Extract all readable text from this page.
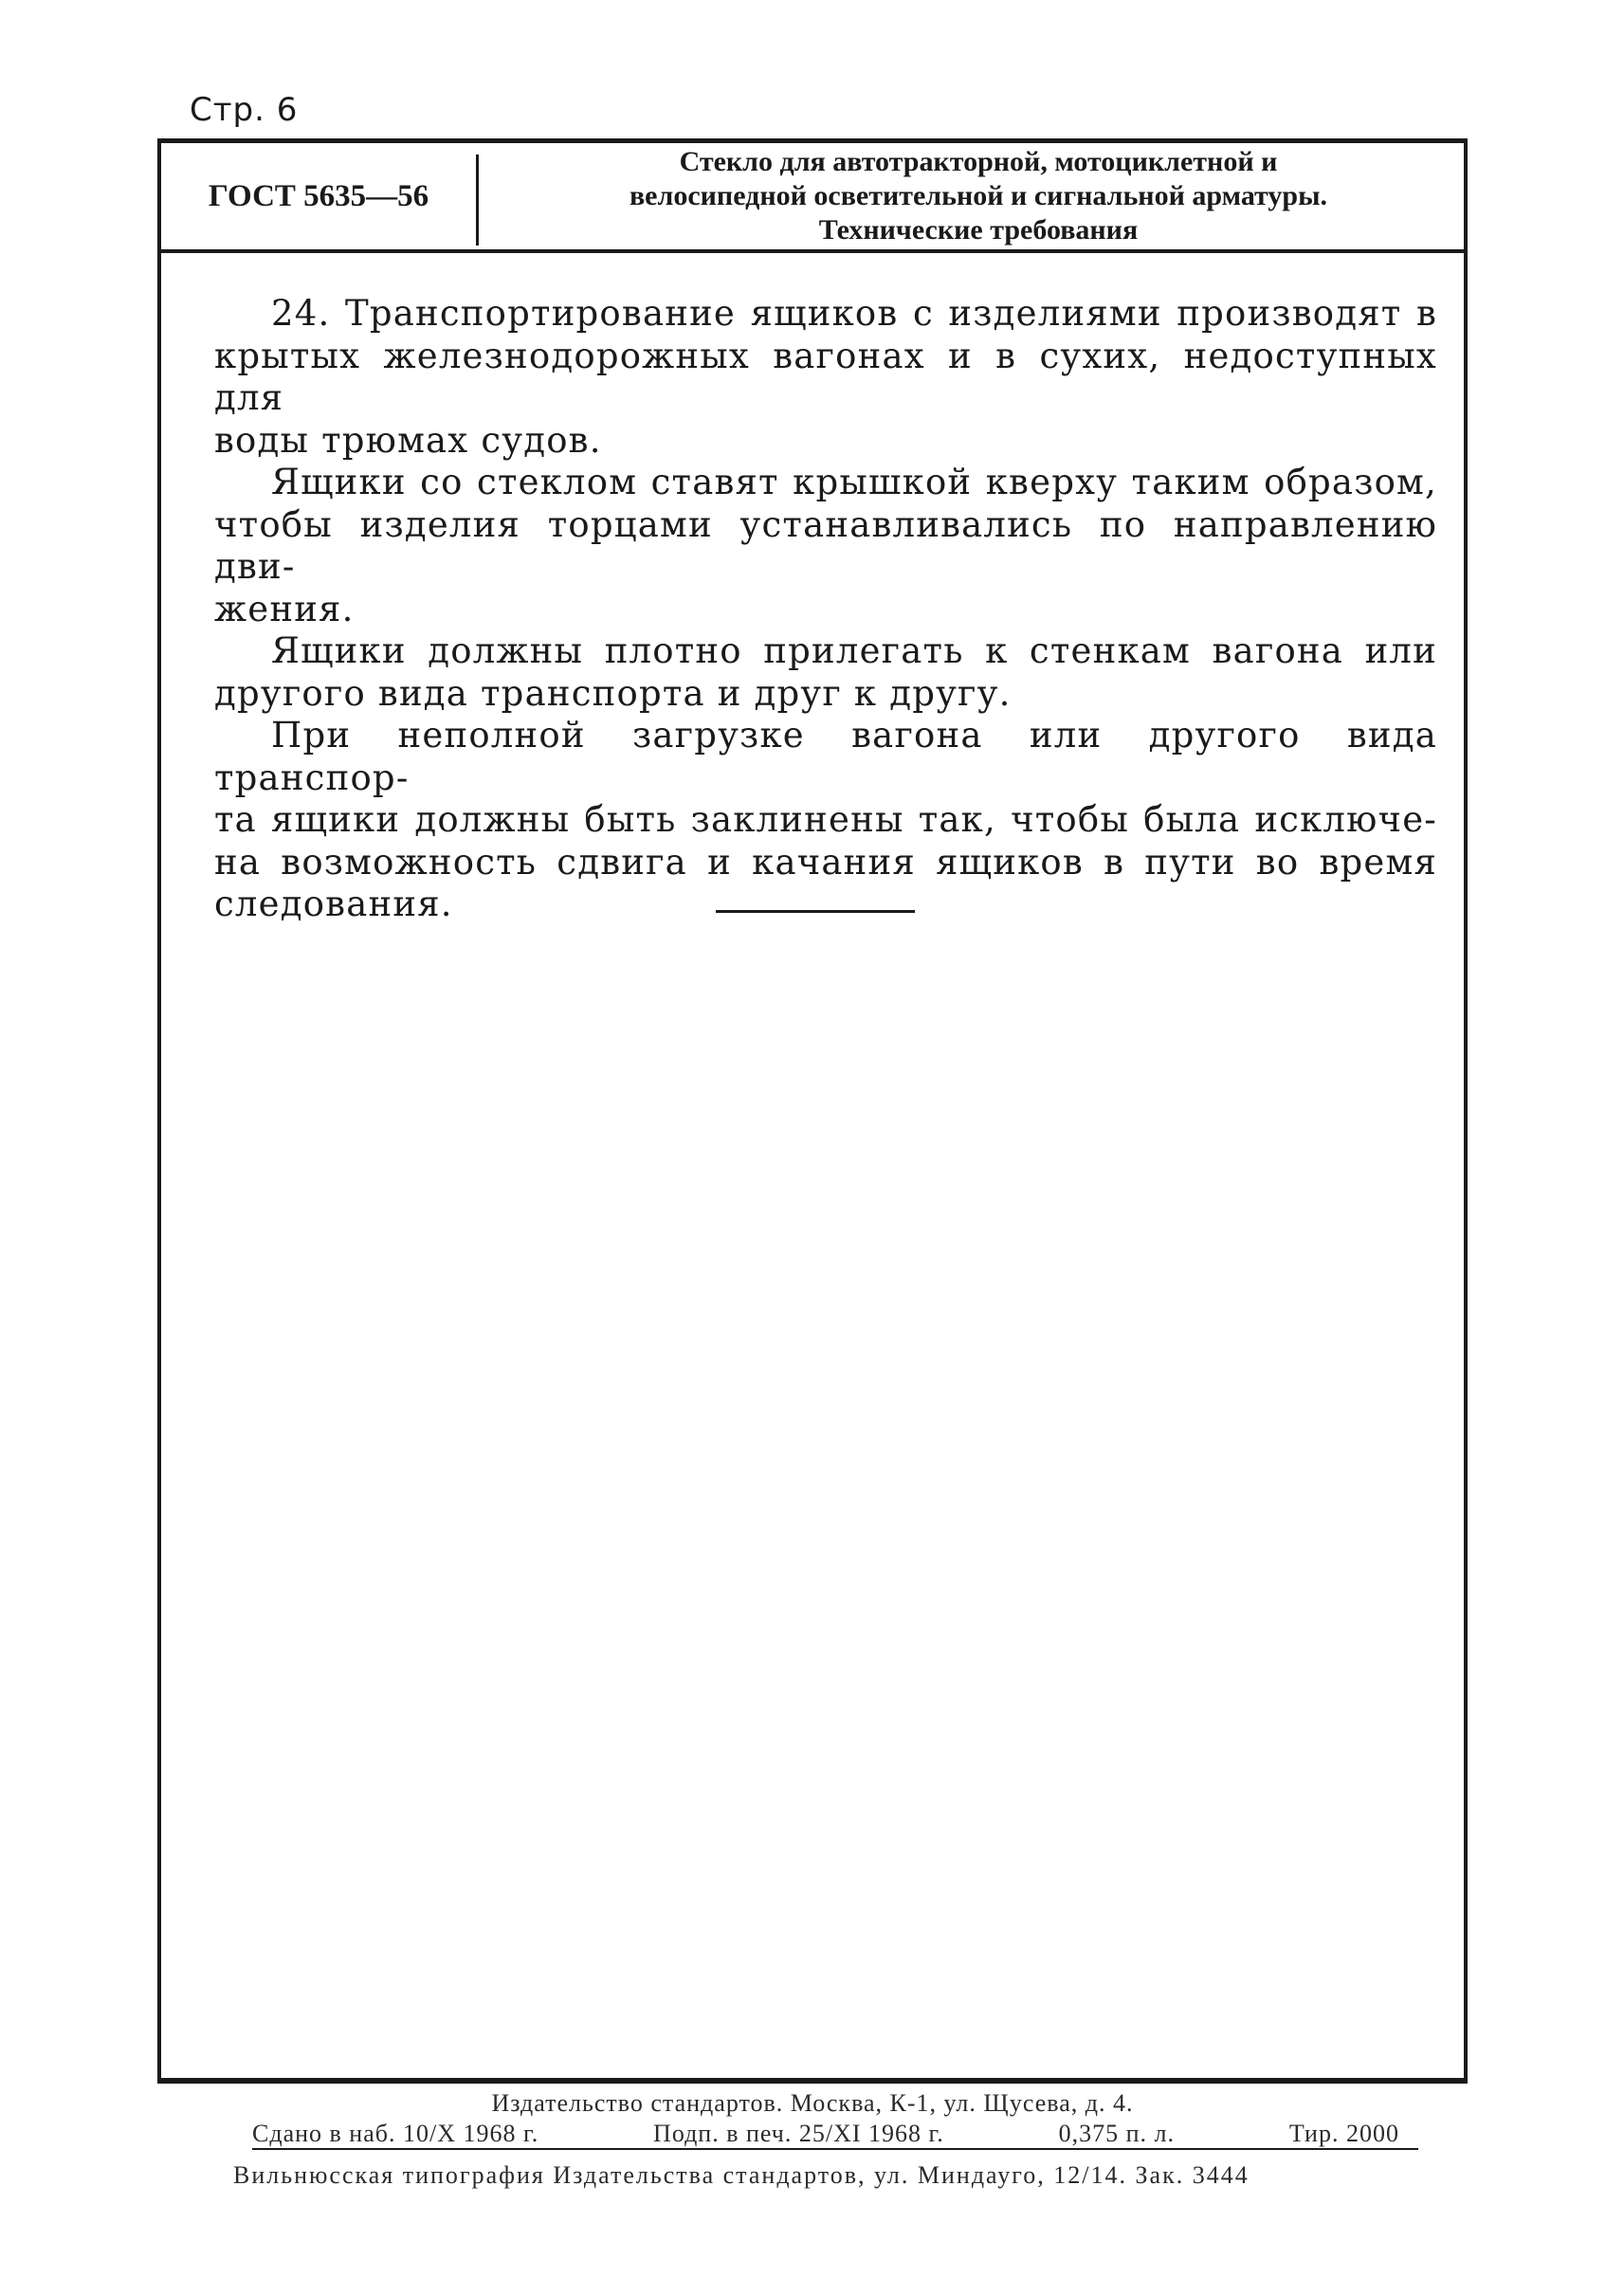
Стр. 6
ГОСТ 5635—56
Стекло для автотракторной, мотоциклетной и
велосипедной осветительной и сигнальной арматуры.
Технические требования
24. Транспортирование ящиков с изделиями производят в
крытых железнодорожных вагонах и в сухих, недоступных для
воды трюмах судов.
Ящики со стеклом ставят крышкой кверху таким образом,
чтобы изделия торцами устанавливались по направлению дви-
жения.
Ящики должны плотно прилегать к стенкам вагона или
другого вида транспорта и друг к другу.
При неполной загрузке вагона или другого вида транспор-
та ящики должны быть заклинены так, чтобы была исключе-
на возможность сдвига и качания ящиков в пути во время
следования.
Издательство стандартов. Москва, К-1, ул. Щусева, д. 4.
Сдано в наб. 10/X 1968 г.	Подп. в печ. 25/XI 1968 г.	0,375 п. л.	Тир. 2000
Вильнюсская типография Издательства стандартов, ул. Миндауго, 12/14. Зак. 3444
